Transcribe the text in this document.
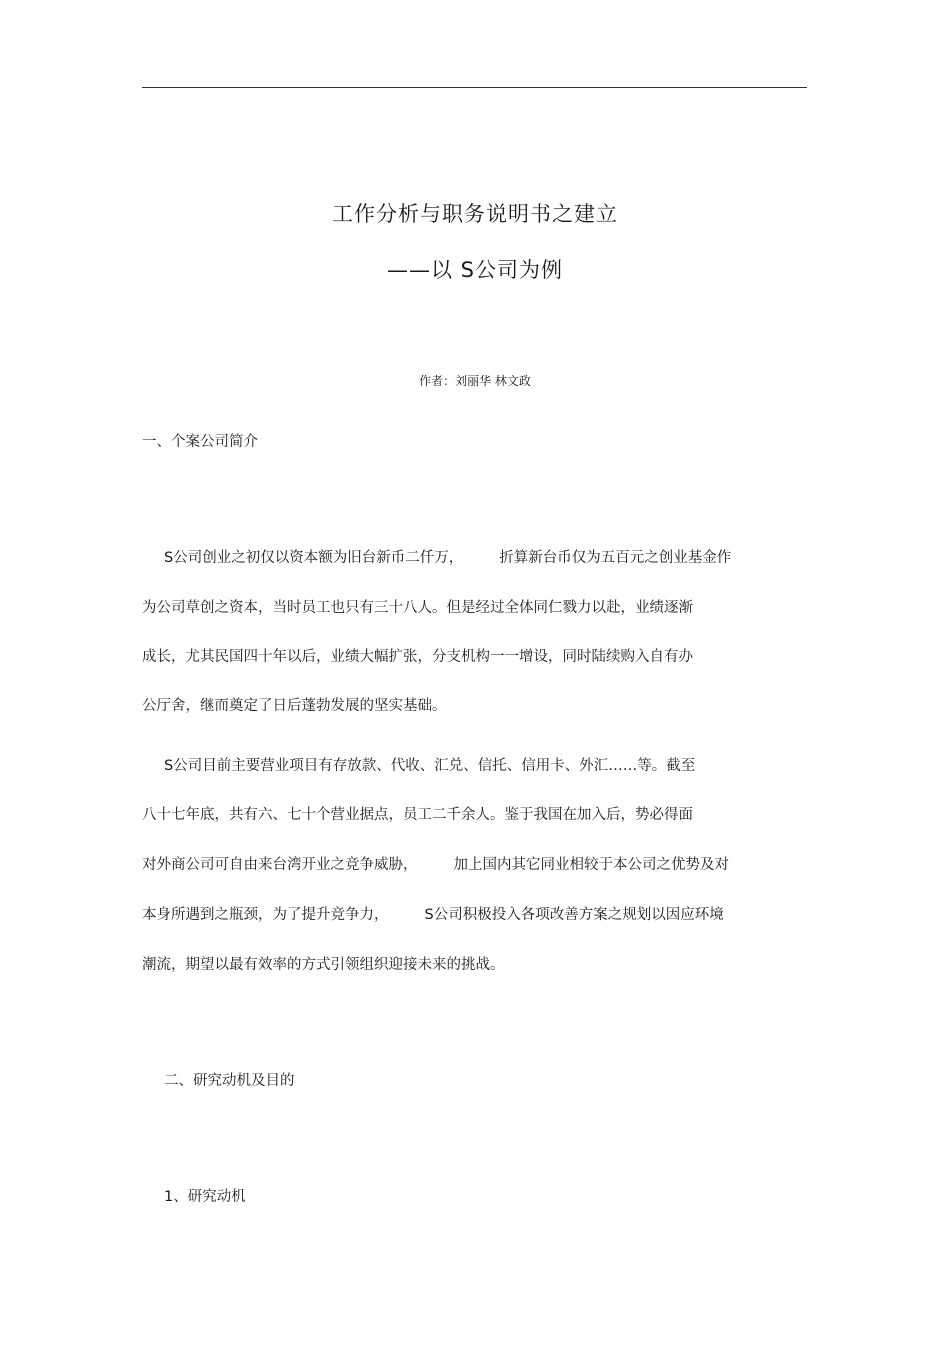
工作分析与职务说明书之建立
——以 S公司为例
作者：刘丽华 林文政
一、个案公司简介
S公司创业之初仅以资本额为旧台新币二仟万， 折算新台币仅为五百元之创业基金作
为公司草创之资本，当时员工也只有三十八人。但是经过全体同仁戮力以赴，业绩逐渐
成长，尤其民国四十年以后，业绩大幅扩张，分支机构一一增设，同时陆续购入自有办
公厅舍，继而奠定了日后蓬勃发展的坚实基础。
S公司目前主要营业项目有存放款、代收、汇兑、信托、信用卡、外汇……等。截至
八十七年底，共有六、七十个营业据点，员工二千余人。鉴于我国在加入后，势必得面
对外商公司可自由来台湾开业之竞争威胁， 加上国内其它同业相较于本公司之优势及对
本身所遇到之瓶颈，为了提升竞争力， S公司积极投入各项改善方案之规划以因应环境
潮流，期望以最有效率的方式引领组织迎接未来的挑战。
二、研究动机及目的
1、研究动机
